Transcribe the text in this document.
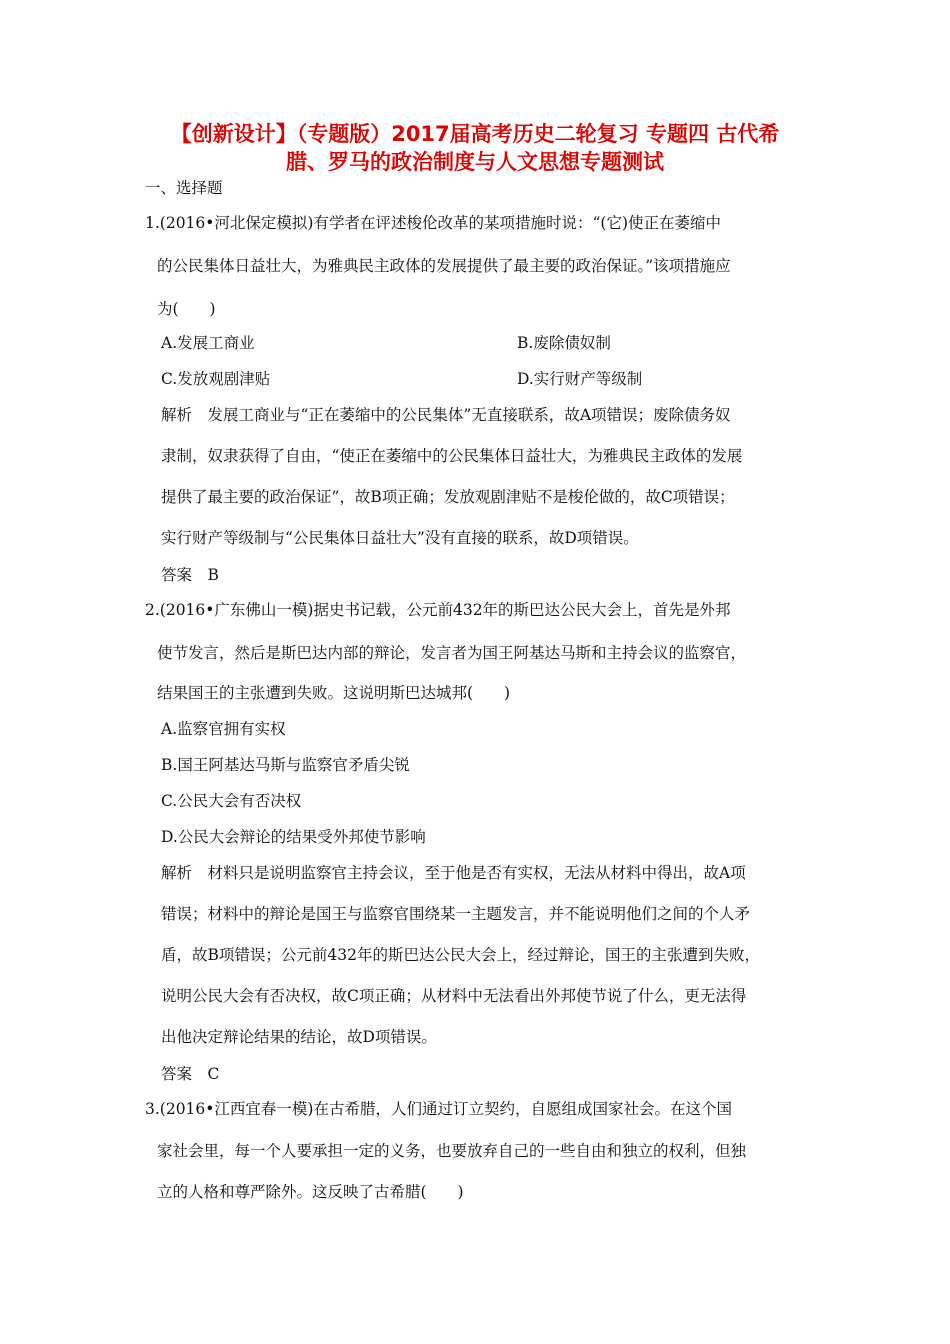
【创新设计】（专题版）2017届高考历史二轮复习 专题四 古代希
腊、罗马的政治制度与人文思想专题测试
一、选择题
1.(2016•河北保定模拟)有学者在评述梭伦改革的某项措施时说：“(它)使正在萎缩中
的公民集体日益壮大，为雅典民主政体的发展提供了最主要的政治保证。”该项措施应
为(　　)
A.发展工商业	B.废除债奴制
C.发放观剧津贴	D.实行财产等级制
解析　发展工商业与“正在萎缩中的公民集体”无直接联系，故A项错误；废除债务奴
隶制，奴隶获得了自由，“使正在萎缩中的公民集体日益壮大，为雅典民主政体的发展
提供了最主要的政治保证”，故B项正确；发放观剧津贴不是梭伦做的，故C项错误；
实行财产等级制与“公民集体日益壮大”没有直接的联系，故D项错误。
答案　B
2.(2016•广东佛山一模)据史书记载，公元前432年的斯巴达公民大会上，首先是外邦
使节发言，然后是斯巴达内部的辩论，发言者为国王阿基达马斯和主持会议的监察官，
结果国王的主张遭到失败。这说明斯巴达城邦(　　)
A.监察官拥有实权
B.国王阿基达马斯与监察官矛盾尖锐
C.公民大会有否决权
D.公民大会辩论的结果受外邦使节影响
解析　材料只是说明监察官主持会议，至于他是否有实权，无法从材料中得出，故A项
错误；材料中的辩论是国王与监察官围绕某一主题发言，并不能说明他们之间的个人矛
盾，故B项错误；公元前432年的斯巴达公民大会上，经过辩论，国王的主张遭到失败，
说明公民大会有否决权，故C项正确；从材料中无法看出外邦使节说了什么，更无法得
出他决定辩论结果的结论，故D项错误。
答案　C
3.(2016•江西宜春一模)在古希腊，人们通过订立契约，自愿组成国家社会。在这个国
家社会里，每一个人要承担一定的义务，也要放弃自己的一些自由和独立的权利，但独
立的人格和尊严除外。这反映了古希腊(　　)
